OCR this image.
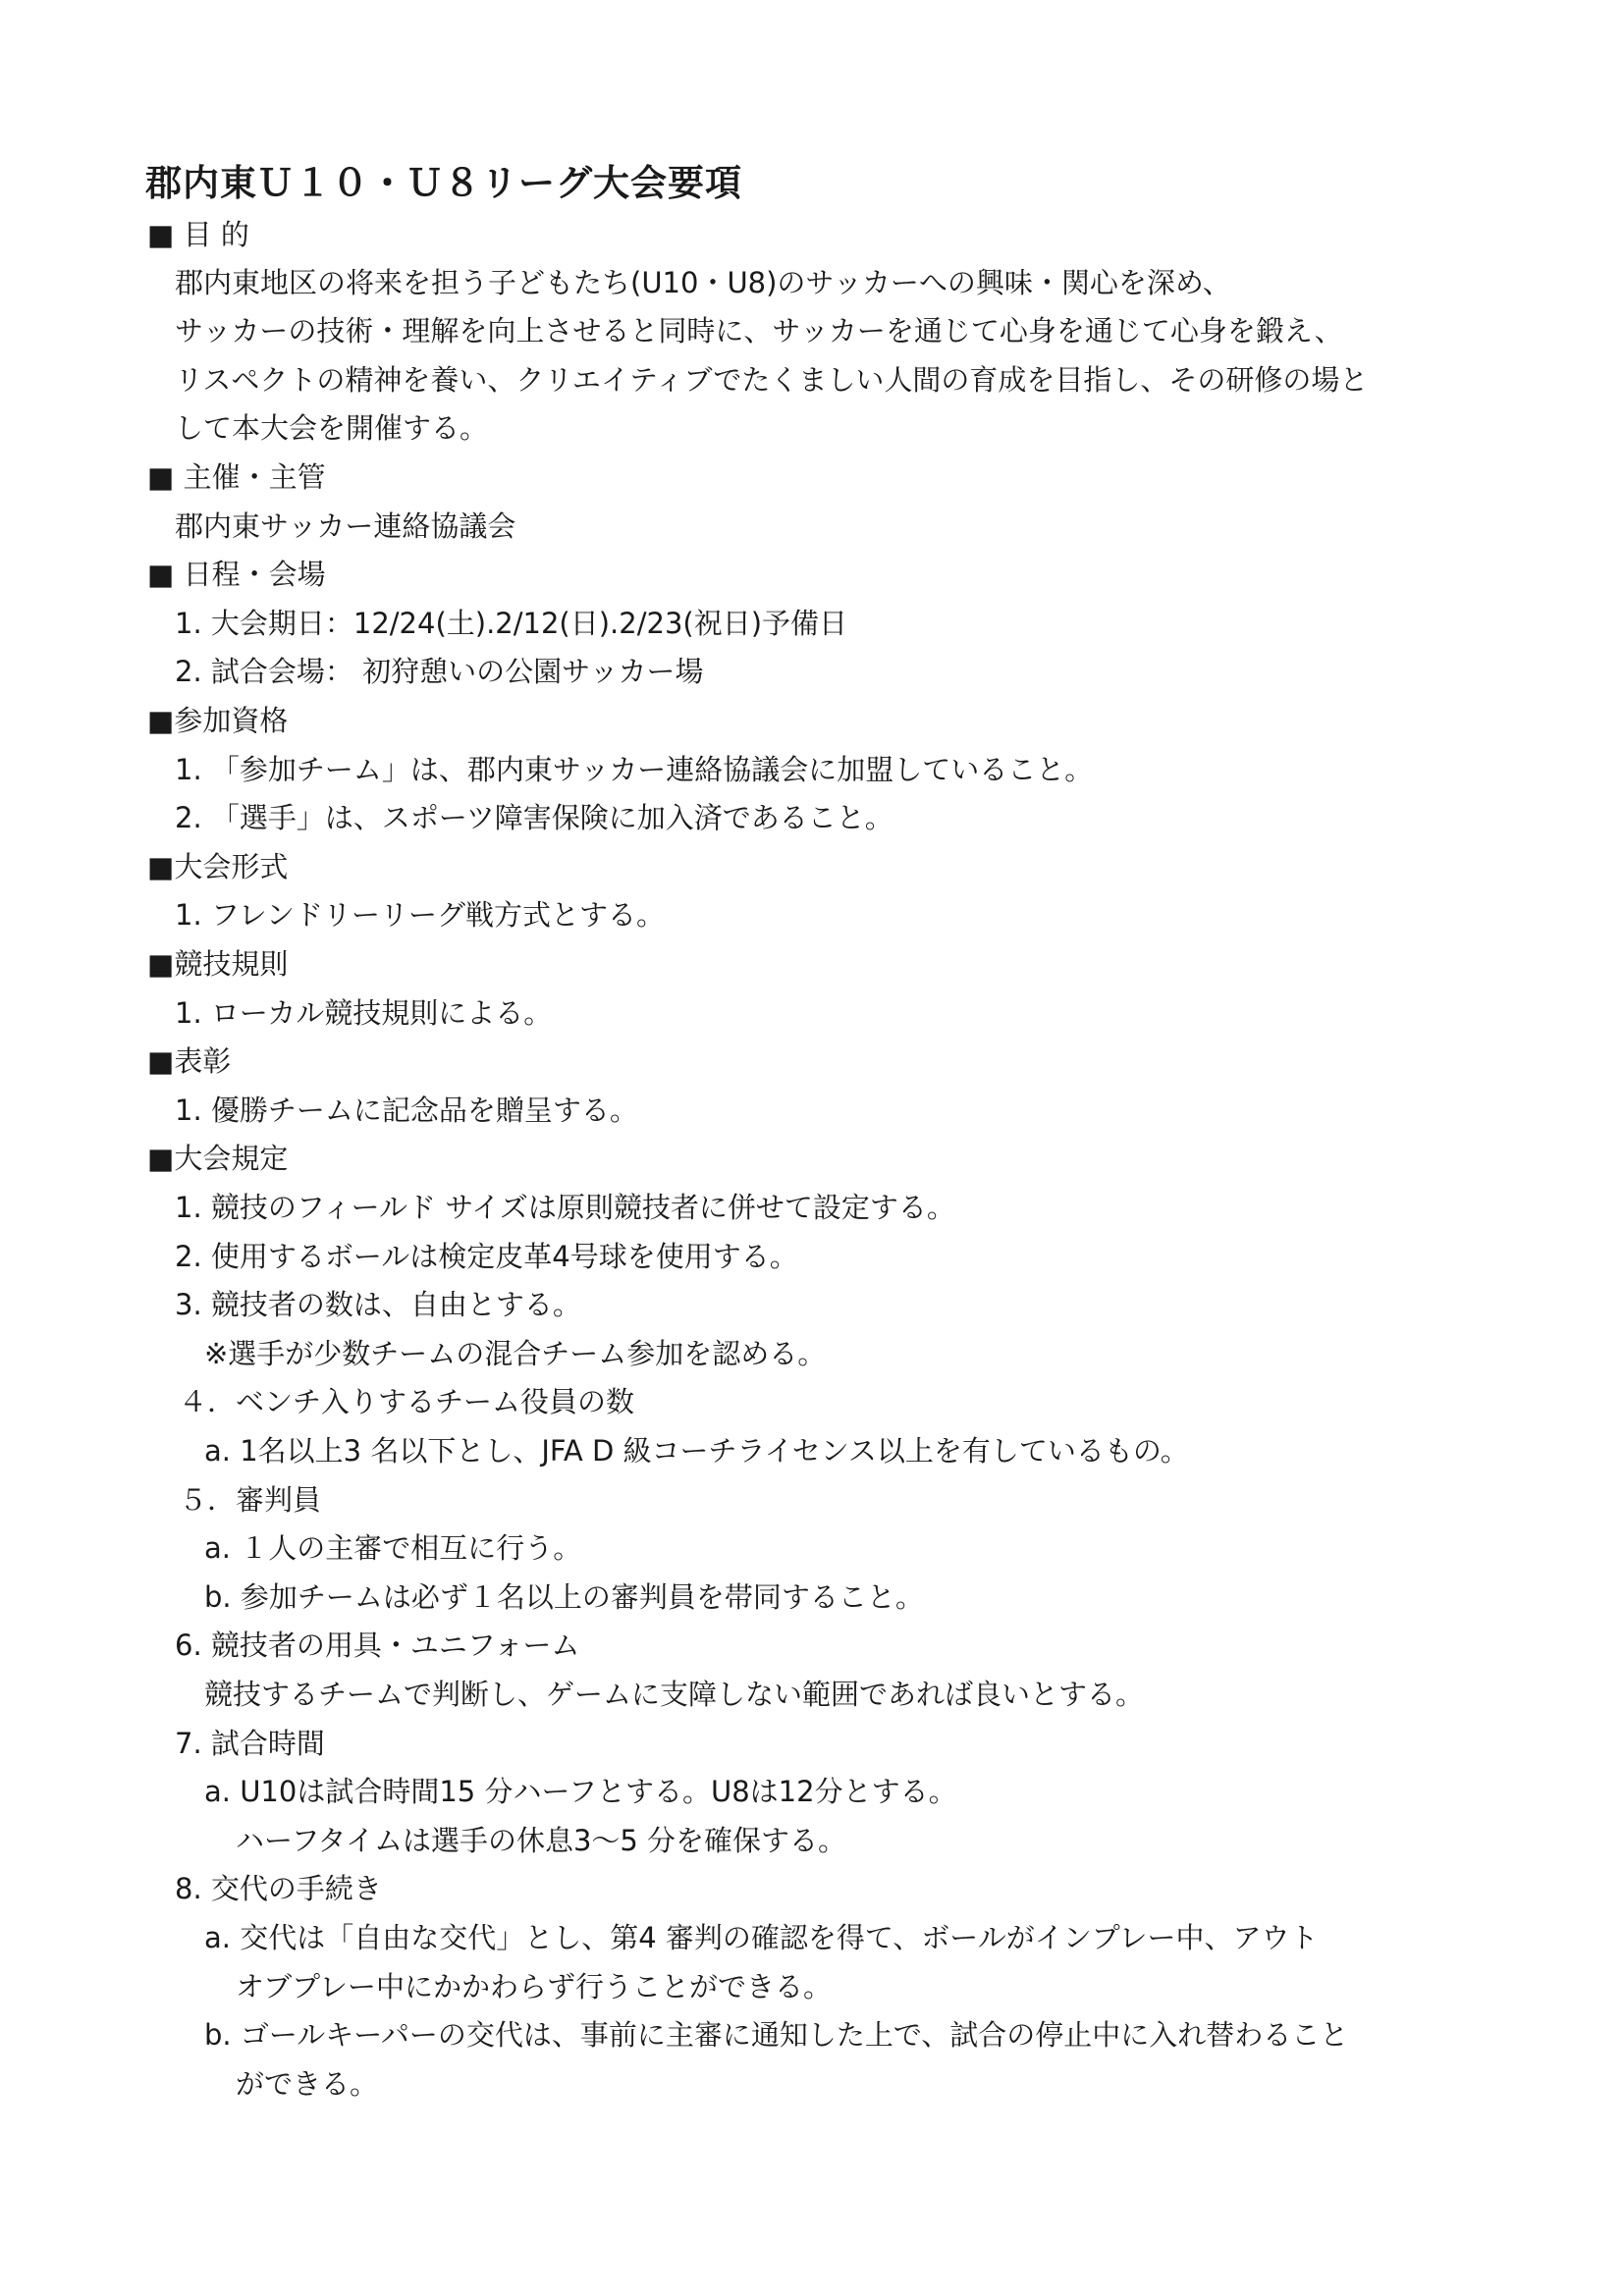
郡内東Ｕ１０・Ｕ８リーグ大会要項
■ 目 的
郡内東地区の将来を担う子どもたち(U10・U8)のサッカーへの興味・関心を深め、
サッカーの技術・理解を向上させると同時に、サッカーを通じて心身を通じて心身を鍛え、
リスペクトの精神を養い、クリエイティブでたくましい人間の育成を目指し、その研修の場と
して本大会を開催する。
■ 主催・主管
郡内東サッカー連絡協議会
■ 日程・会場
1. 大会期日：12/24(土).2/12(日).2/23(祝日)予備日
2. 試合会場： 初狩憩いの公園サッカー場
■参加資格
1. 「参加チーム」は、郡内東サッカー連絡協議会に加盟していること。
2. 「選手」は、スポーツ障害保険に加入済であること。
■大会形式
1. フレンドリーリーグ戦方式とする。
■競技規則
1. ローカル競技規則による。
■表彰
1. 優勝チームに記念品を贈呈する。
■大会規定
1. 競技のフィールド サイズは原則競技者に併せて設定する。
2. 使用するボールは検定皮革4号球を使用する。
3. 競技者の数は、自由とする。
※選手が少数チームの混合チーム参加を認める。
４．ベンチ入りするチーム役員の数
a. 1名以上3 名以下とし、JFA D 級コーチライセンス以上を有しているもの。
５．審判員
a. １人の主審で相互に行う。
b. 参加チームは必ず１名以上の審判員を帯同すること。
6. 競技者の用具・ユニフォーム
競技するチームで判断し、ゲームに支障しない範囲であれば良いとする。
7. 試合時間
a. U10は試合時間15 分ハーフとする。U8は12分とする。
ハーフタイムは選手の休息3～5 分を確保する。
8. 交代の手続き
a. 交代は「自由な交代」とし、第4 審判の確認を得て、ボールがインプレー中、アウト
オブプレー中にかかわらず行うことができる。
b. ゴールキーパーの交代は、事前に主審に通知した上で、試合の停止中に入れ替わること
ができる。
